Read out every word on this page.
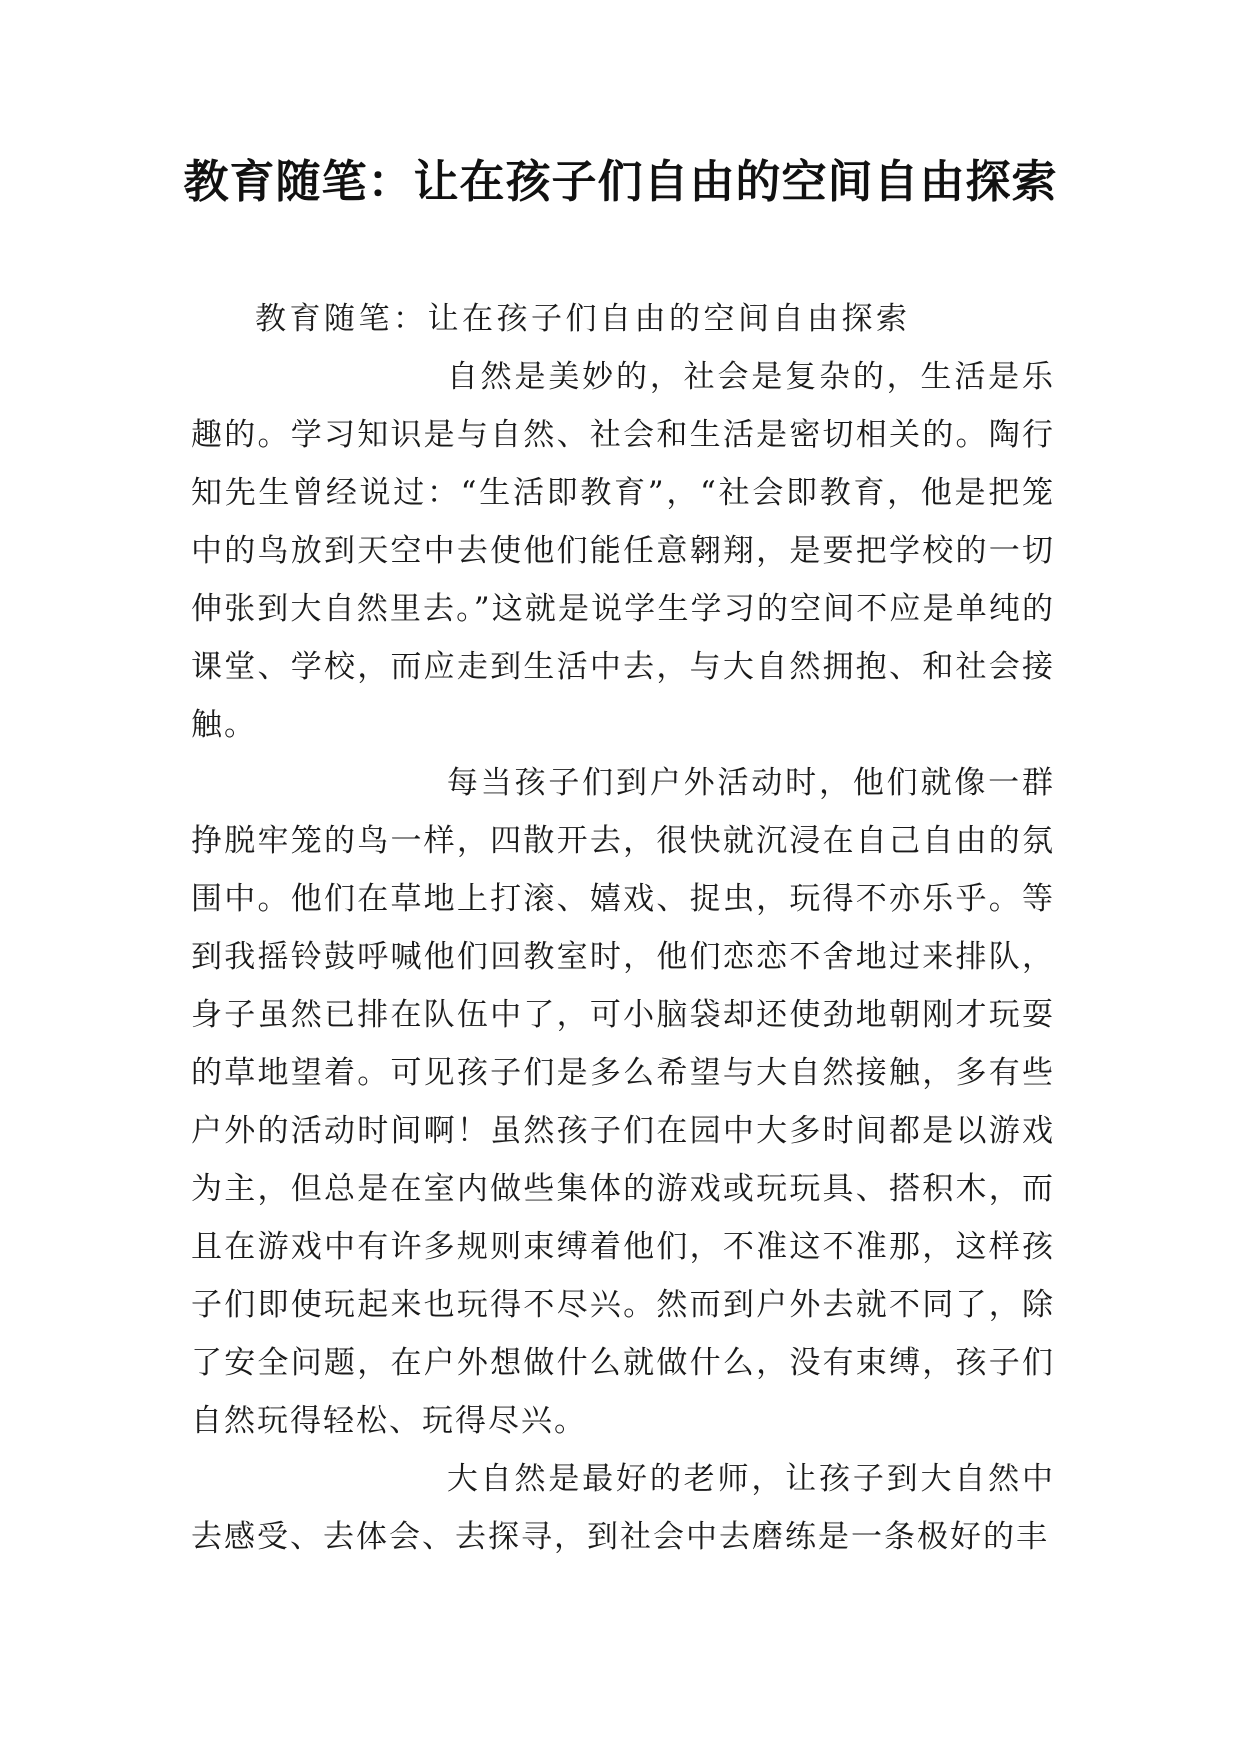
教育随笔：让在孩子们自由的空间自由探索

教育随笔：让在孩子们自由的空间自由探索

自然是美妙的，社会是复杂的，生活是乐趣的。学习知识是与自然、社会和生活是密切相关的。陶行知先生曾经说过：“生活即教育”，“社会即教育，他是把笼中的鸟放到天空中去使他们能任意翱翔，是要把学校的一切伸张到大自然里去。”这就是说学生学习的空间不应是单纯的课堂、学校，而应走到生活中去，与大自然拥抱、和社会接触。

每当孩子们到户外活动时，他们就像一群挣脱牢笼的鸟一样，四散开去，很快就沉浸在自己自由的氛围中。他们在草地上打滚、嬉戏、捉虫，玩得不亦乐乎。等到我摇铃鼓呼喊他们回教室时，他们恋恋不舍地过来排队，身子虽然已排在队伍中了，可小脑袋却还使劲地朝刚才玩耍的草地望着。可见孩子们是多么希望与大自然接触，多有些户外的活动时间啊！虽然孩子们在园中大多时间都是以游戏为主，但总是在室内做些集体的游戏或玩玩具、搭积木，而且在游戏中有许多规则束缚着他们，不准这不准那，这样孩子们即使玩起来也玩得不尽兴。然而到户外去就不同了，除了安全问题，在户外想做什么就做什么，没有束缚，孩子们自然玩得轻松、玩得尽兴。

大自然是最好的老师，让孩子到大自然中去感受、去体会、去探寻，到社会中去磨练是一条极好的丰
